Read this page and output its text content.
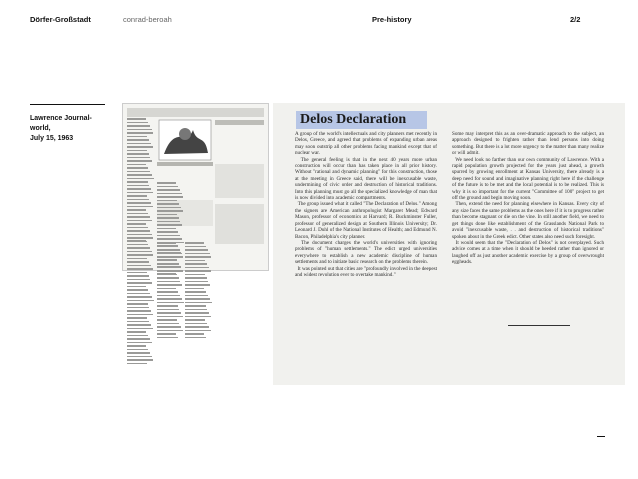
Dörfer-Großstadt	conrad-beroah	Pre-history	2/2
Lawrence Journal-world,
July 15, 1963
Delos Declaration
A group of the world's intellectuals and city planners met recently in Delos, Greece, and agreed that problems of expanding urban areas may soon outstrip all other problems facing mankind except that of nuclear war.
The general feeling is that in the next 40 years more urban construction will occur than has taken place in all prior history. Without "rational and dynamic planning" for this construction, those at the meeting in Greece said, there will be inexcusable waste, undermining of civic order and destruction of historical traditions. Into this planning must go all the specialized knowledge of man that is now divided into academic compartments.
The group issued what it called "The Declaration of Delos." Among the signers are American anthropologist Margaret Mead; Edward Mason, professor of economics at Harvard; R. Buckminster Fuller, professor of generalized design at Southern Illinois University; Dr. Leonard J. Duhl of the National Institutes of Health; and Edmund N. Bacon, Philadelphia's city planner.
The document charges the world's universities with ignoring problems of "human settlements." The edict urged universities everywhere to establish a new academic discipline of human settlements and to initiate basic research on the problems therein.
It was pointed out that cities are "profoundly involved in the deepest and widest revolution ever to overtake mankind."
Some may interpret this as an over-dramatic approach to the subject, an approach designed to frighten rather than lend persons into doing something. But there is a lot more urgency to the matter than many realize or will admit.
We need look no farther than our own community of Lawrence. With a rapid population growth projected for the years just ahead, a growth spurred by growing enrollment at Kansas University, there already is a deep need for sound and imaginative planning right here if the challenge of the future is to be met and the local potential is to be realized. This is why it is so important for the current "Committee of 100" project to get off the ground and begin moving soon.
Then, extend the need for planning elsewhere in Kansas. Every city of any size faces the same problems as the ones here if it is to progress rather than become stagnant or die on the vine. In still another field, we need to get things done like establishment of the Grasslands National Park to avoid "inexcusable waste, . . and destruction of historical traditions" spoken about in the Greek edict. Other states also need such foresight.
It would seem that the "Declaration of Delos" is not overplayed. Such advice comes at a time when it should be heeded rather than ignored or laughed off as just another academic exercise by a group of overwrought eggheads.
